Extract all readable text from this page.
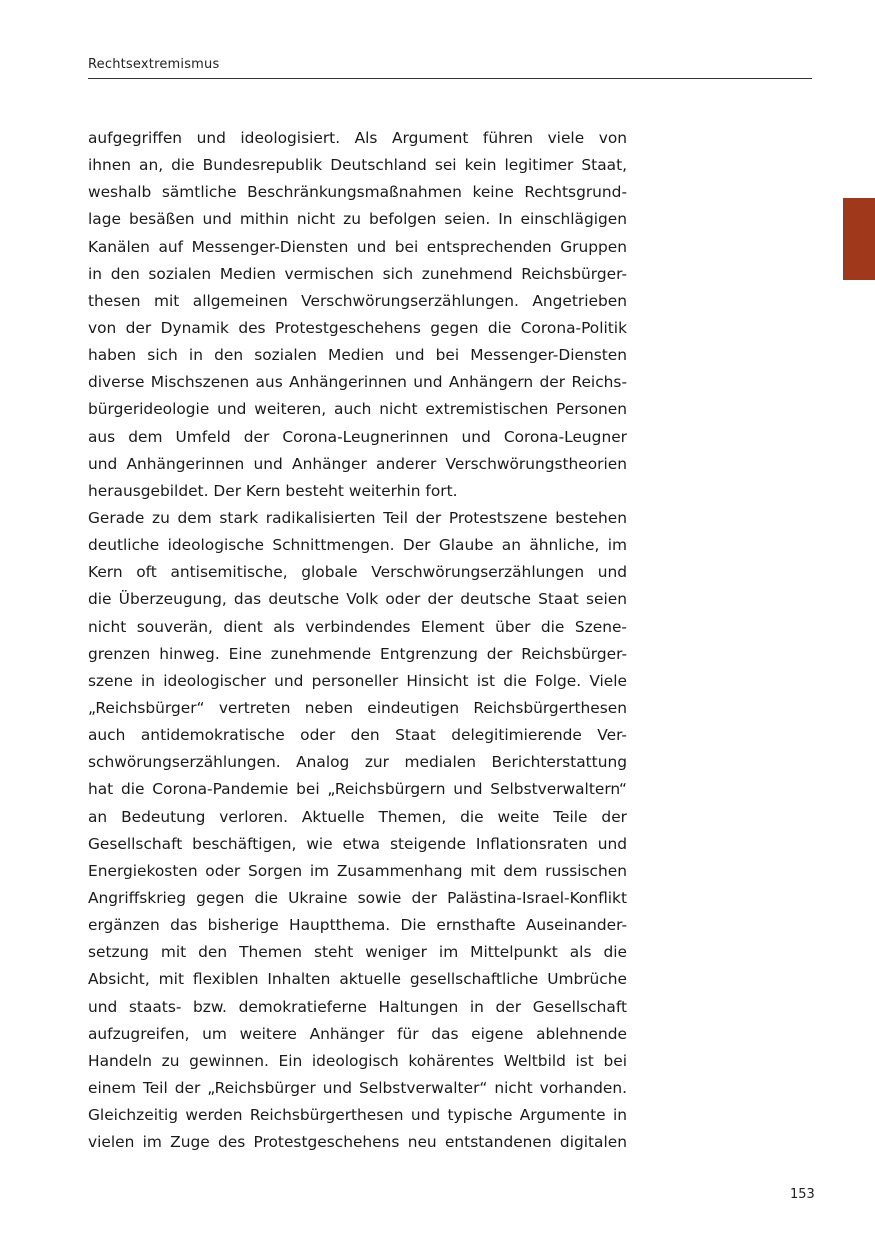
Rechtsextremismus
aufgegriffen und ideologisiert. Als Argument führen viele von
ihnen an, die Bundesrepublik Deutschland sei kein legitimer Staat,
weshalb sämtliche Beschränkungsmaßnahmen keine Rechtsgrund-
lage besäßen und mithin nicht zu befolgen seien. In einschlägigen
Kanälen auf Messenger-Diensten und bei entsprechenden Gruppen
in den sozialen Medien vermischen sich zunehmend Reichsbürger-
thesen mit allgemeinen Verschwörungserzählungen. Angetrieben
von der Dynamik des Protestgeschehens gegen die Corona-Politik
haben sich in den sozialen Medien und bei Messenger-Diensten
diverse Mischszenen aus Anhängerinnen und Anhängern der Reichs-
bürgerideologie und weiteren, auch nicht extremistischen Personen
aus dem Umfeld der Corona-Leugnerinnen und Corona-Leugner
und Anhängerinnen und Anhänger anderer Verschwörungstheorien
herausgebildet. Der Kern besteht weiterhin fort.
Gerade zu dem stark radikalisierten Teil der Protestszene bestehen
deutliche ideologische Schnittmengen. Der Glaube an ähnliche, im
Kern oft antisemitische, globale Verschwörungserzählungen und
die Überzeugung, das deutsche Volk oder der deutsche Staat seien
nicht souverän, dient als verbindendes Element über die Szene-
grenzen hinweg. Eine zunehmende Entgrenzung der Reichsbürger-
szene in ideologischer und personeller Hinsicht ist die Folge. Viele
„Reichsbürger“ vertreten neben eindeutigen Reichsbürgerthesen
auch antidemokratische oder den Staat delegitimierende Ver-
schwörungserzählungen. Analog zur medialen Berichterstattung
hat die Corona-Pandemie bei „Reichsbürgern und Selbstverwaltern“
an Bedeutung verloren. Aktuelle Themen, die weite Teile der
Gesellschaft beschäftigen, wie etwa steigende Inflationsraten und
Energiekosten oder Sorgen im Zusammenhang mit dem russischen
Angriffskrieg gegen die Ukraine sowie der Palästina-Israel-Konflikt
ergänzen das bisherige Hauptthema. Die ernsthafte Auseinander-
setzung mit den Themen steht weniger im Mittelpunkt als die
Absicht, mit flexiblen Inhalten aktuelle gesellschaftliche Umbrüche
und staats- bzw. demokratieferne Haltungen in der Gesellschaft
aufzugreifen, um weitere Anhänger für das eigene ablehnende
Handeln zu gewinnen. Ein ideologisch kohärentes Weltbild ist bei
einem Teil der „Reichsbürger und Selbstverwalter“ nicht vorhanden.
Gleichzeitig werden Reichsbürgerthesen und typische Argumente in
vielen im Zuge des Protestgeschehens neu entstandenen digitalen
153
